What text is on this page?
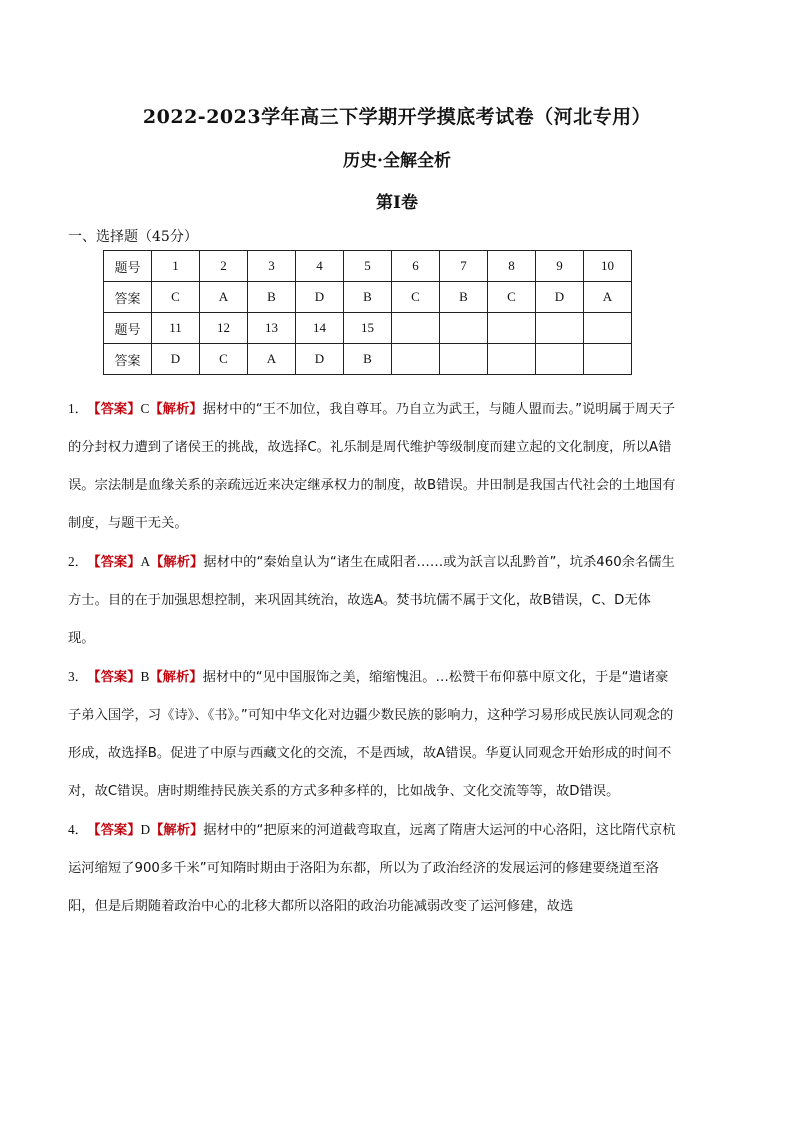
2022-2023学年高三下学期开学摸底考试卷（河北专用）
历史·全解全析
第Ⅰ卷
一、选择题（45分）
题号	1	2	3	4	5	6	7	8	9	10
答案	C	A	B	D	B	C	B	C	D	A
题号	11	12	13	14	15					
答案	D	C	A	D	B					

1． 【答案】C【解析】据材中的“王不加位，我自尊耳。乃自立为武王，与随人盟而去。”说明属于周天子的分封权力遭到了诸侯王的挑战，故选择C。礼乐制是周代维护等级制度而建立起的文化制度，所以A错误。宗法制是血缘关系的亲疏远近来决定继承权力的制度，故B错误。井田制是我国古代社会的土地国有制度，与题干无关。

2． 【答案】A【解析】据材中的“秦始皇认为“诸生在咸阳者……或为訞言以乱黔首”，坑杀460余名儒生方士。目的在于加强思想控制，来巩固其统治，故选A。焚书坑儒不属于文化，故B错误，C、D无体现。

3． 【答案】B【解析】据材中的“见中国服饰之美，缩缩愧沮。…松赞干布仰慕中原文化，于是“遣诸豪子弟入国学，习《诗》、《书》。”可知中华文化对边疆少数民族的影响力，这种学习易形成民族认同观念的形成，故选择B。促进了中原与西藏文化的交流，不是西域，故A错误。华夏认同观念开始形成的时间不对，故C错误。唐时期维持民族关系的方式多种多样的，比如战争、文化交流等等，故D错误。

4． 【答案】D【解析】据材中的“把原来的河道截弯取直，远离了隋唐大运河的中心洛阳，这比隋代京杭运河缩短了900多千米”可知隋时期由于洛阳为东都，所以为了政治经济的发展运河的修建要绕道至洛阳，但是后期随着政治中心的北移大都所以洛阳的政治功能减弱改变了运河修建，故选
